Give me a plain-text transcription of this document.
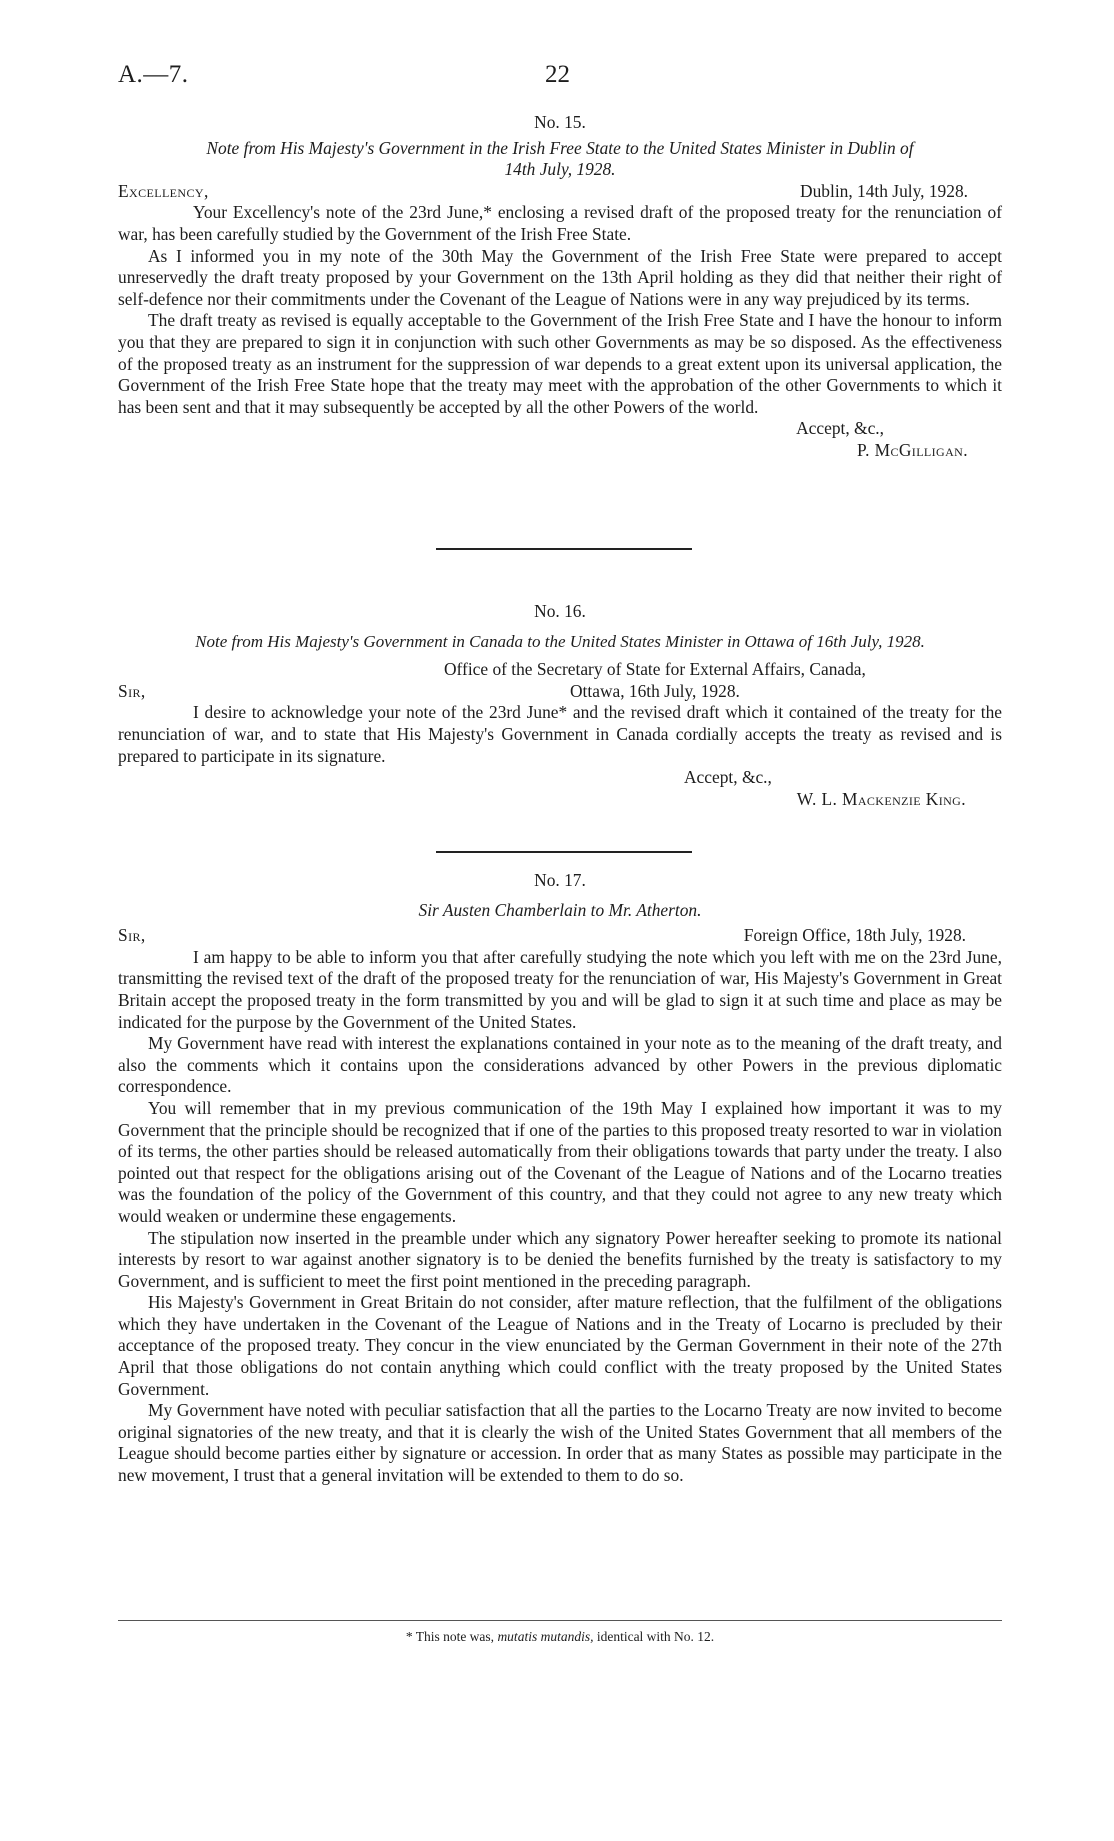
A.—7.	22
No. 15.
Note from His Majesty's Government in the Irish Free State to the United States Minister in Dublin of
14th July, 1928.
Excellency,	Dublin, 14th July, 1928.

Your Excellency's note of the 23rd June,* enclosing a revised draft of the proposed treaty for the renunciation of war, has been carefully studied by the Government of the Irish Free State.

As I informed you in my note of the 30th May the Government of the Irish Free State were prepared to accept unreservedly the draft treaty proposed by your Government on the 13th April holding as they did that neither their right of self-defence nor their commitments under the Covenant of the League of Nations were in any way prejudiced by its terms.

The draft treaty as revised is equally acceptable to the Government of the Irish Free State and I have the honour to inform you that they are prepared to sign it in conjunction with such other Governments as may be so disposed. As the effectiveness of the proposed treaty as an instrument for the suppression of war depends to a great extent upon its universal application, the Government of the Irish Free State hope that the treaty may meet with the approbation of the other Governments to which it has been sent and that it may subsequently be accepted by all the other Powers of the world.

Accept, &c.,
P. McGilligan.
No. 16.
Note from His Majesty's Government in Canada to the United States Minister in Ottawa of 16th July, 1928.
Office of the Secretary of State for External Affairs, Canada,
Sir,	Ottawa, 16th July, 1928.

I desire to acknowledge your note of the 23rd June* and the revised draft which it contained of the treaty for the renunciation of war, and to state that His Majesty's Government in Canada cordially accepts the treaty as revised and is prepared to participate in its signature.

Accept, &c.,
W. L. Mackenzie King.
No. 17.
Sir Austen Chamberlain to Mr. Atherton.
Sir,	Foreign Office, 18th July, 1928.

I am happy to be able to inform you that after carefully studying the note which you left with me on the 23rd June, transmitting the revised text of the draft of the proposed treaty for the renunciation of war, His Majesty's Government in Great Britain accept the proposed treaty in the form transmitted by you and will be glad to sign it at such time and place as may be indicated for the purpose by the Government of the United States.

My Government have read with interest the explanations contained in your note as to the meaning of the draft treaty, and also the comments which it contains upon the considerations advanced by other Powers in the previous diplomatic correspondence.

You will remember that in my previous communication of the 19th May I explained how important it was to my Government that the principle should be recognized that if one of the parties to this proposed treaty resorted to war in violation of its terms, the other parties should be released automatically from their obligations towards that party under the treaty. I also pointed out that respect for the obligations arising out of the Covenant of the League of Nations and of the Locarno treaties was the foundation of the policy of the Government of this country, and that they could not agree to any new treaty which would weaken or undermine these engagements.

The stipulation now inserted in the preamble under which any signatory Power hereafter seeking to promote its national interests by resort to war against another signatory is to be denied the benefits furnished by the treaty is satisfactory to my Government, and is sufficient to meet the first point mentioned in the preceding paragraph.

His Majesty's Government in Great Britain do not consider, after mature reflection, that the fulfilment of the obligations which they have undertaken in the Covenant of the League of Nations and in the Treaty of Locarno is precluded by their acceptance of the proposed treaty. They concur in the view enunciated by the German Government in their note of the 27th April that those obligations do not contain anything which could conflict with the treaty proposed by the United States Government.

My Government have noted with peculiar satisfaction that all the parties to the Locarno Treaty are now invited to become original signatories of the new treaty, and that it is clearly the wish of the United States Government that all members of the League should become parties either by signature or accession. In order that as many States as possible may participate in the new movement, I trust that a general invitation will be extended to them to do so.

* This note was, mutatis mutandis, identical with No. 12.
